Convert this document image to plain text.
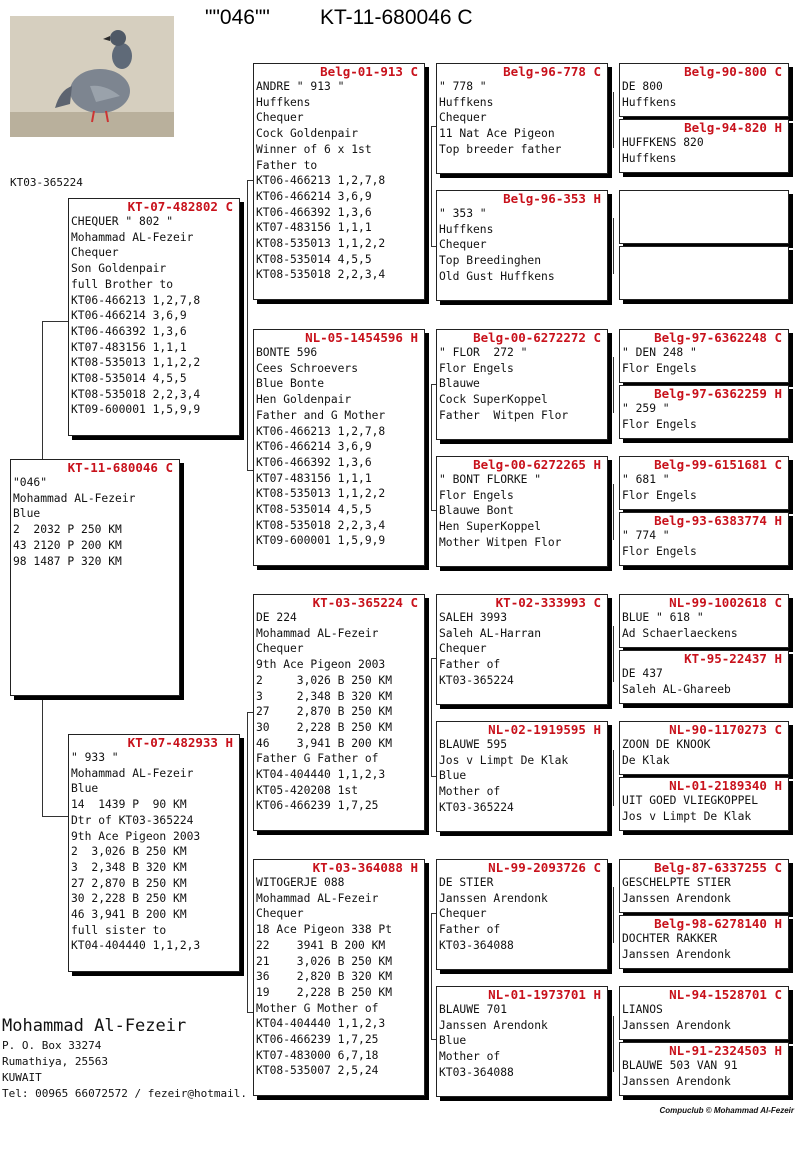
""046"" KT-11-680046 C
KT03-365224
KT-11-680046 C
"046"
Mohammad AL-Fezeir
Blue
2  2032 P 250 KM
43 2120 P 200 KM
98 1487 P 320 KM
KT-07-482802 C
CHEQUER " 802 "
Mohammad AL-Fezeir
Chequer
Son Goldenpair
full Brother to
KT06-466213 1,2,7,8
KT06-466214 3,6,9
KT06-466392 1,3,6
KT07-483156 1,1,1
KT08-535013 1,1,2,2
KT08-535014 4,5,5
KT08-535018 2,2,3,4
KT09-600001 1,5,9,9
KT-07-482933 H
" 933 "
Mohammad AL-Fezeir
Blue
14  1439 P  90 KM
Dtr of KT03-365224
9th Ace Pigeon 2003
2  3,026 B 250 KM
3  2,348 B 320 KM
27 2,870 B 250 KM
30 2,228 B 250 KM
46 3,941 B 200 KM
full sister to
KT04-404440 1,1,2,3
Belg-01-913 C
ANDRE " 913 "
Huffkens
Chequer
Cock Goldenpair
Winner of 6 x 1st
Father to
KT06-466213 1,2,7,8
KT06-466214 3,6,9
KT06-466392 1,3,6
KT07-483156 1,1,1
KT08-535013 1,1,2,2
KT08-535014 4,5,5
KT08-535018 2,2,3,4
NL-05-1454596 H
BONTE 596
Cees Schroevers
Blue Bonte
Hen Goldenpair
Father and G Mother
KT06-466213 1,2,7,8
KT06-466214 3,6,9
KT06-466392 1,3,6
KT07-483156 1,1,1
KT08-535013 1,1,2,2
KT08-535014 4,5,5
KT08-535018 2,2,3,4
KT09-600001 1,5,9,9
KT-03-365224 C
DE 224
Mohammad AL-Fezeir
Chequer
9th Ace Pigeon 2003
2     3,026 B 250 KM
3     2,348 B 320 KM
27    2,870 B 250 KM
30    2,228 B 250 KM
46    3,941 B 200 KM
Father G Father of
KT04-404440 1,1,2,3
KT05-420208 1st
KT06-466239 1,7,25
KT-03-364088 H
WITOGERJE 088
Mohammad AL-Fezeir
Chequer
18 Ace Pigeon 338 Pt
22    3941 B 200 KM
21    3,026 B 250 KM
36    2,820 B 320 KM
19    2,228 B 250 KM
Mother G Mother of
KT04-404440 1,1,2,3
KT06-466239 1,7,25
KT07-483000 6,7,18
KT08-535007 2,5,24
Belg-96-778 C
" 778 "
Huffkens
Chequer
11 Nat Ace Pigeon
Top breeder father
Belg-96-353 H
" 353 "
Huffkens
Chequer
Top Breedinghen
Old Gust Huffkens
Belg-00-6272272 C
" FLOR  272 "
Flor Engels
Blauwe
Cock SuperKoppel
Father  Witpen Flor
Belg-00-6272265 H
" BONT FLORKE "
Flor Engels
Blauwe Bont
Hen SuperKoppel
Mother Witpen Flor
KT-02-333993 C
SALEH 3993
Saleh AL-Harran
Chequer
Father of
KT03-365224
NL-02-1919595 H
BLAUWE 595
Jos v Limpt De Klak
Blue
Mother of
KT03-365224
NL-99-2093726 C
DE STIER
Janssen Arendonk
Chequer
Father of
KT03-364088
NL-01-1973701 H
BLAUWE 701
Janssen Arendonk
Blue
Mother of
KT03-364088
Belg-90-800 C
DE 800
Huffkens
Belg-94-820 H
HUFFKENS 820
Huffkens
Belg-97-6362248 C
" DEN 248 "
Flor Engels
Belg-97-6362259 H
" 259 "
Flor Engels
Belg-99-6151681 C
" 681 "
Flor Engels
Belg-93-6383774 H
" 774 "
Flor Engels
NL-99-1002618 C
BLUE " 618 "
Ad Schaerlaeckens
KT-95-22437 H
DE 437
Saleh AL-Ghareeb
NL-90-1170273 C
ZOON DE KNOOK
De Klak
NL-01-2189340 H
UIT GOED VLIEGKOPPEL
Jos v Limpt De Klak
Belg-87-6337255 C
GESCHELPTE STIER
Janssen Arendonk
Belg-98-6278140 H
DOCHTER RAKKER
Janssen Arendonk
NL-94-1528701 C
LIANOS
Janssen Arendonk
NL-91-2324503 H
BLAUWE 503 VAN 91
Janssen Arendonk
Mohammad Al-Fezeir
P. O. Box 33274
Rumathiya, 25563
KUWAIT
Tel: 00965 66072572 / fezeir@hotmail.
Compuclub © Mohammad Al-Fezeir
